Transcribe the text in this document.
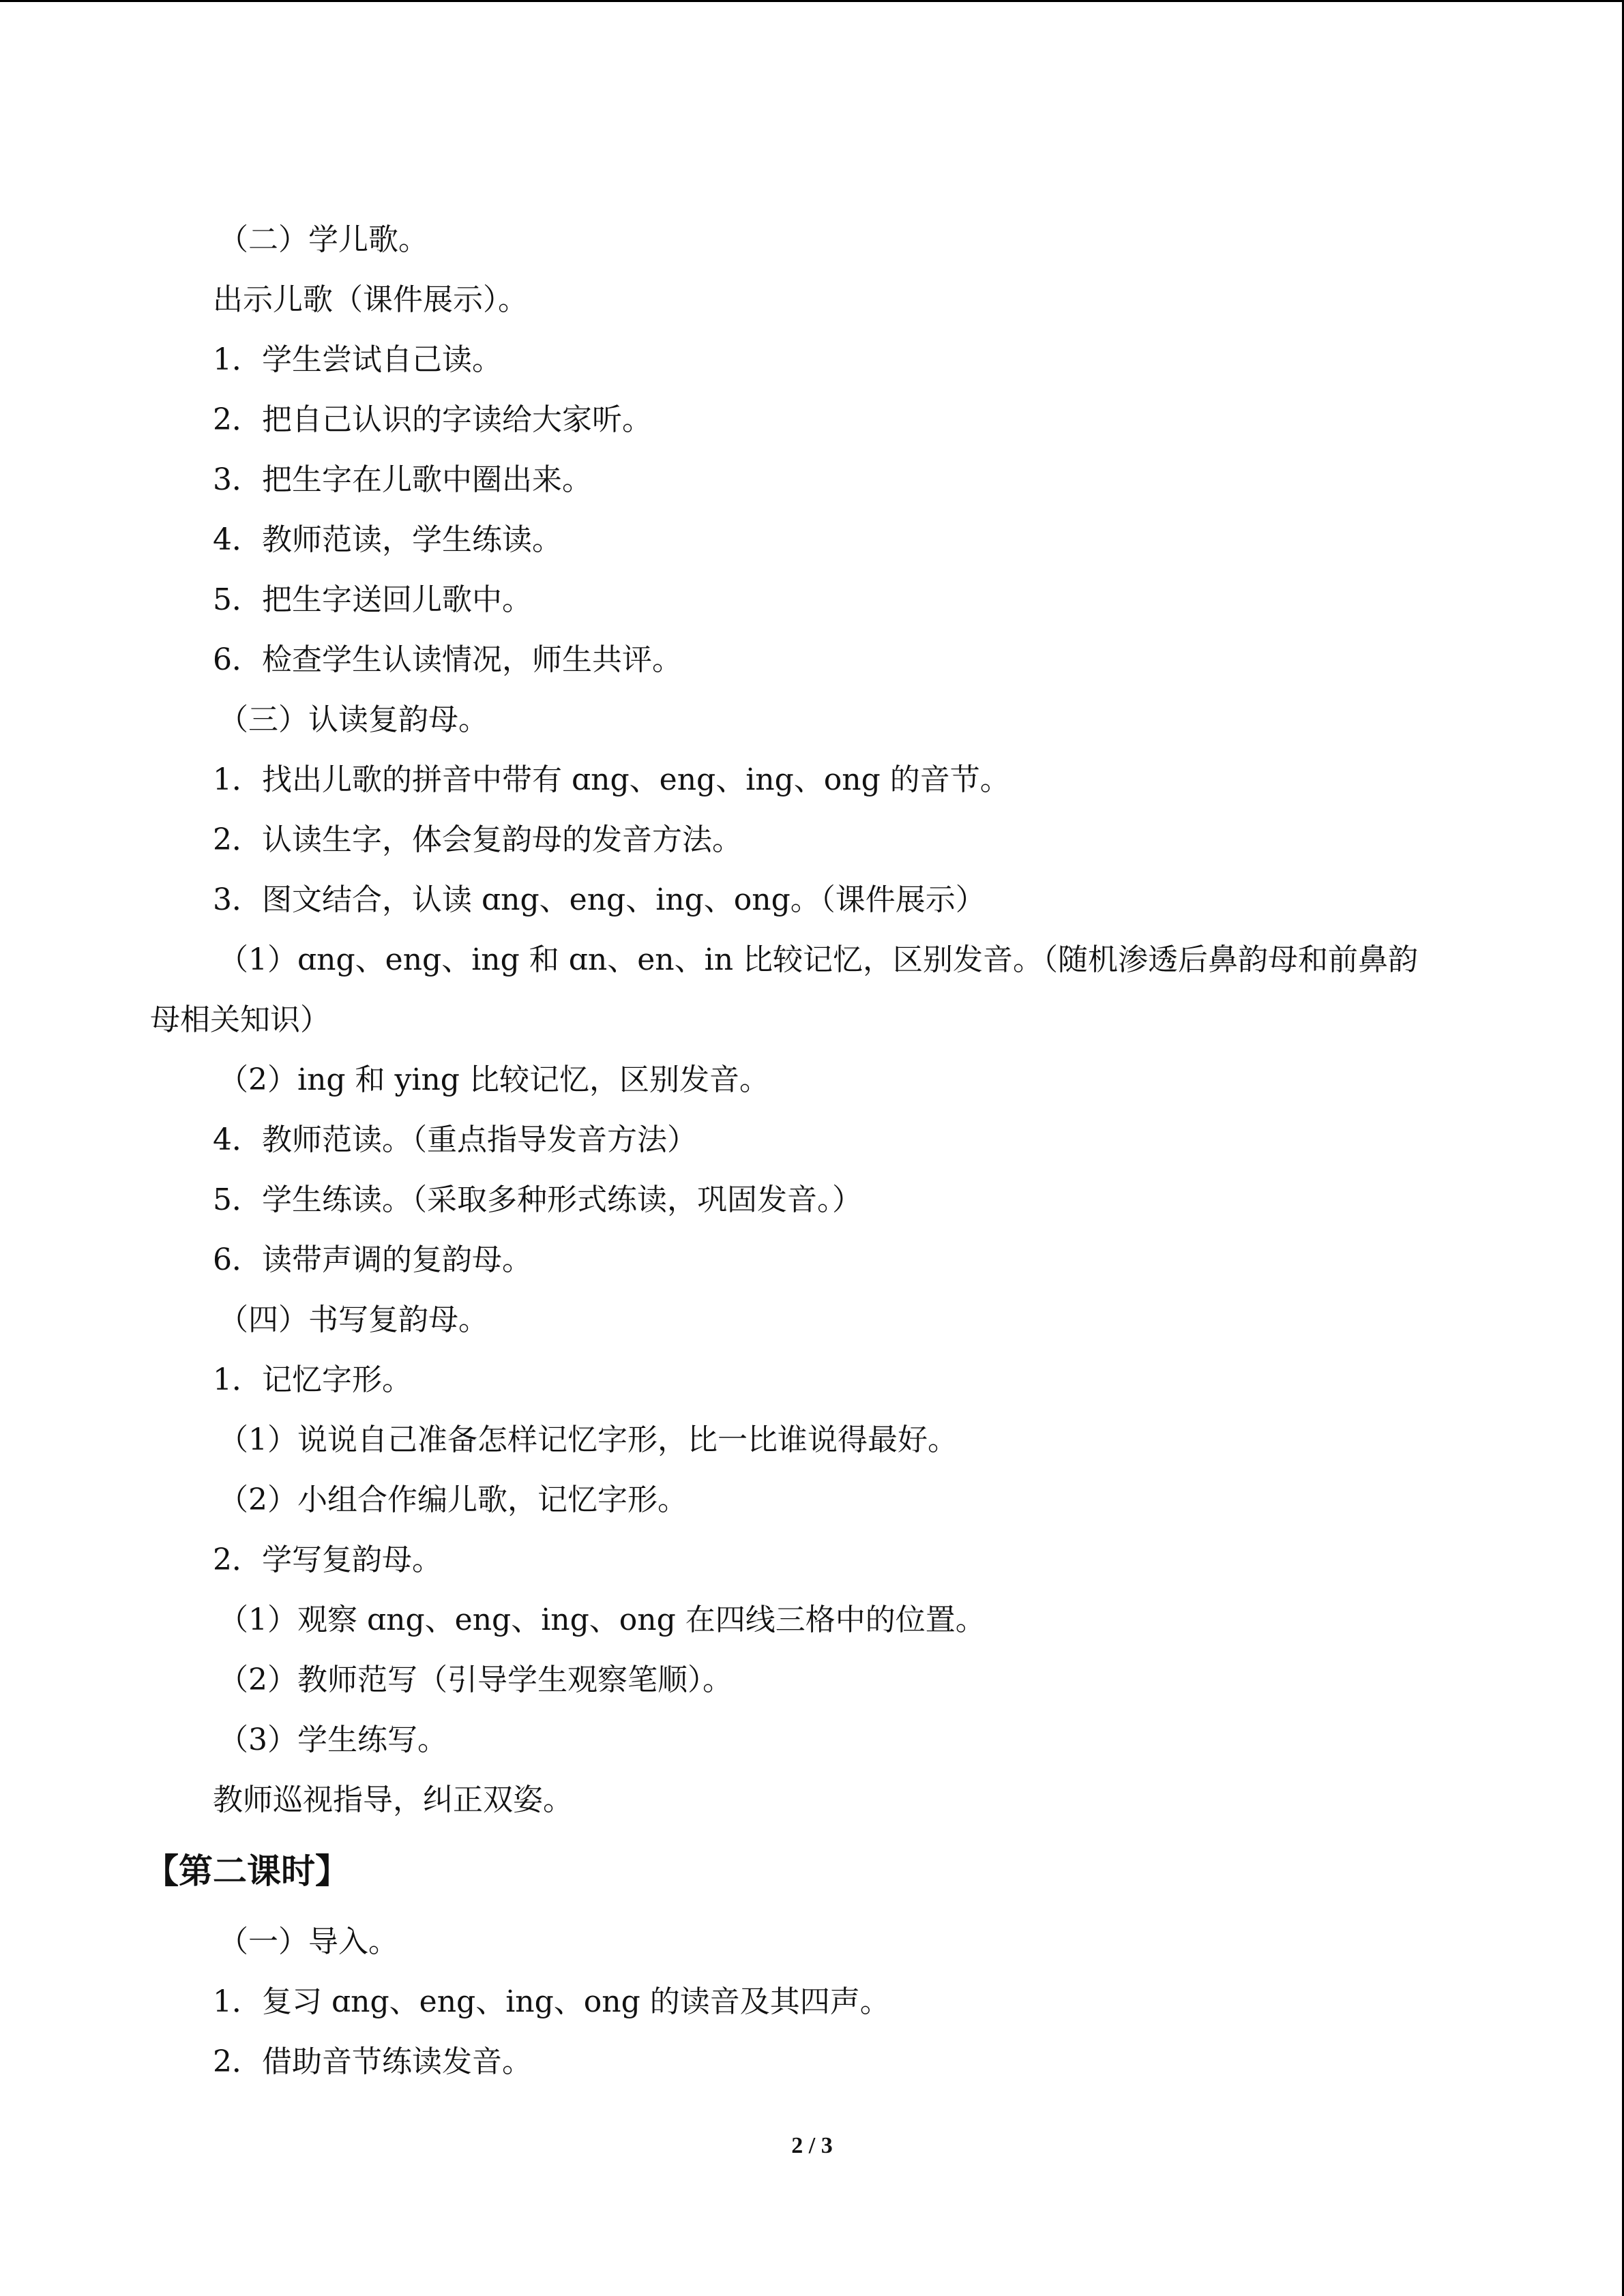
（二）学儿歌。
出示儿歌（课件展示）。
1．学生尝试自己读。
2．把自己认识的字读给大家听。
3．把生字在儿歌中圈出来。
4．教师范读，学生练读。
5．把生字送回儿歌中。
6．检查学生认读情况，师生共评。
（三）认读复韵母。
1．找出儿歌的拼音中带有 ɑng、eng、ing、ong 的音节。
2．认读生字，体会复韵母的发音方法。
3．图文结合，认读 ɑng、eng、ing、ong。（课件展示）
（1）ɑng、eng、ing 和 ɑn、en、in 比较记忆，区别发音。（随机渗透后鼻韵母和前鼻韵
母相关知识）
（2）ing 和 ying 比较记忆，区别发音。
4．教师范读。（重点指导发音方法）
5．学生练读。（采取多种形式练读，巩固发音。）
6．读带声调的复韵母。
（四）书写复韵母。
1．记忆字形。
（1）说说自己准备怎样记忆字形，比一比谁说得最好。
（2）小组合作编儿歌，记忆字形。
2．学写复韵母。
（1）观察 ɑng、eng、ing、ong 在四线三格中的位置。
（2）教师范写（引导学生观察笔顺）。
（3）学生练写。
教师巡视指导，纠正双姿。
【第二课时】
（一）导入。
1．复习 ɑng、eng、ing、ong 的读音及其四声。
2．借助音节练读发音。
2 / 3
